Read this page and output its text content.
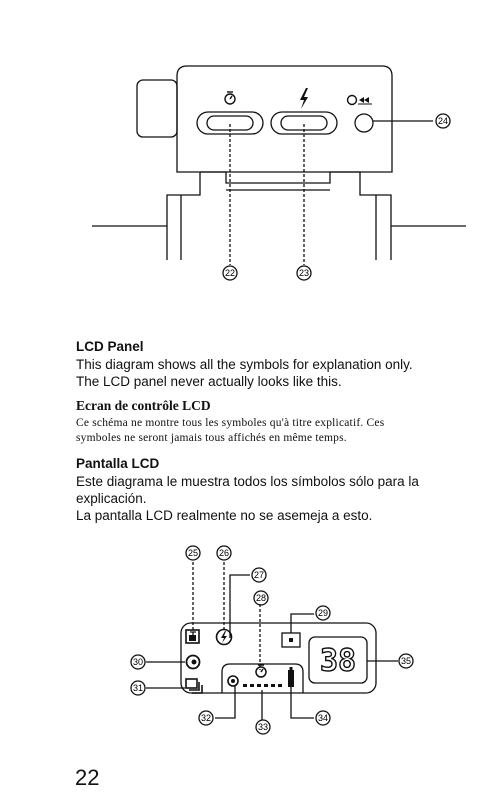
22	23
24
LCD Panel
This diagram shows all the symbols for explanation only.
The LCD panel never actually looks like this.
Ecran de contrôle LCD
Ce schéma ne montre tous les symboles qu'à titre explicatif. Ces
symboles ne seront jamais tous affichés en même temps.
Pantalla LCD
Este diagrama le muestra todos los símbolos sólo para la
explicación.
La pantalla LCD realmente no se asemeja a esto.
38
25 26
27
28
29
30
31
32
33
34
35
22
